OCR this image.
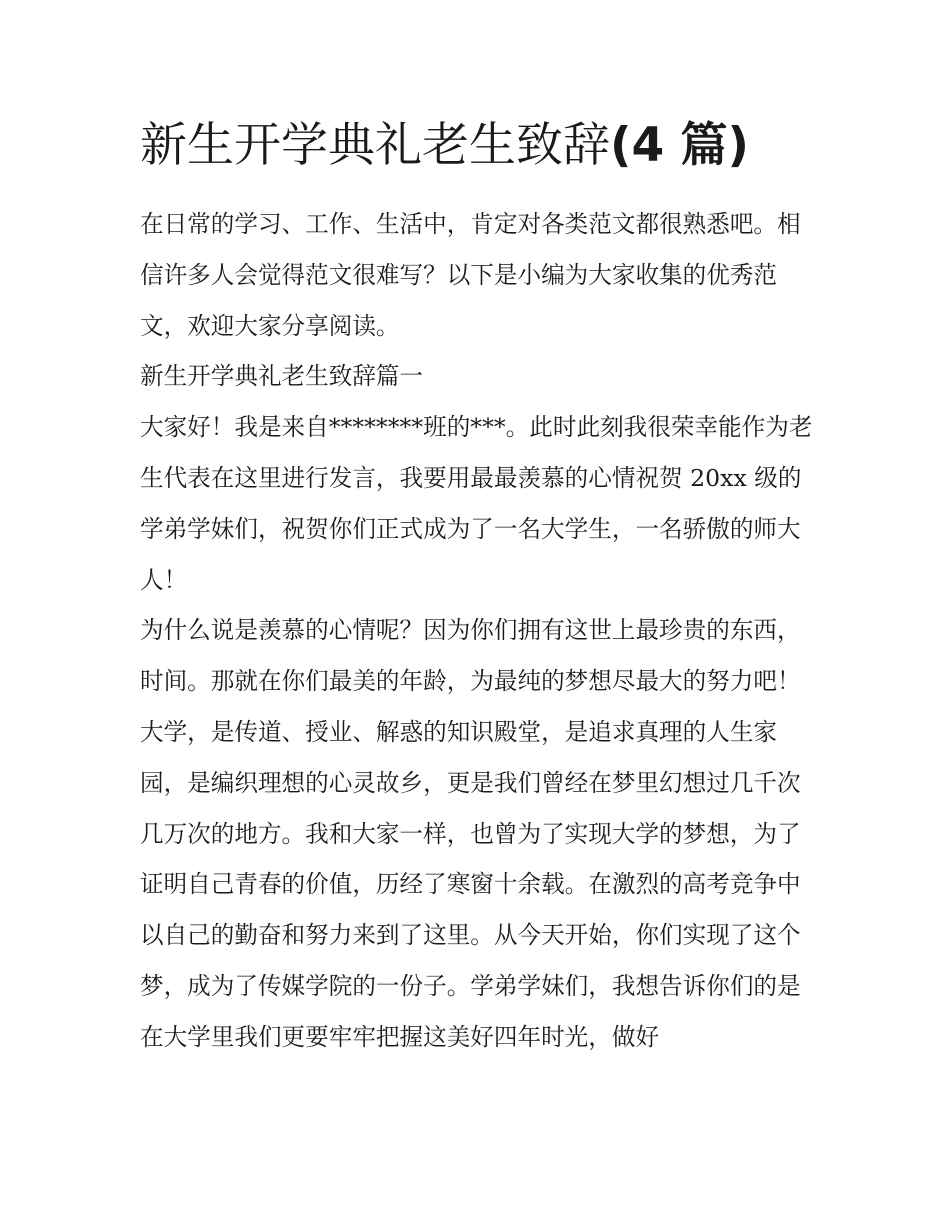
新生开学典礼老生致辞(4 篇)

在日常的学习、工作、生活中，肯定对各类范文都很熟悉吧。相信许多人会觉得范文很难写？以下是小编为大家收集的优秀范文，欢迎大家分享阅读。

新生开学典礼老生致辞篇一

大家好！我是来自********班的***。此时此刻我很荣幸能作为老生代表在这里进行发言，我要用最最羡慕的心情祝贺 20xx 级的学弟学妹们，祝贺你们正式成为了一名大学生，一名骄傲的师大人！

为什么说是羡慕的心情呢？因为你们拥有这世上最珍贵的东西，时间。那就在你们最美的年龄，为最纯的梦想尽最大的努力吧！

大学，是传道、授业、解惑的知识殿堂，是追求真理的人生家园，是编织理想的心灵故乡，更是我们曾经在梦里幻想过几千次几万次的地方。我和大家一样，也曾为了实现大学的梦想，为了证明自己青春的价值，历经了寒窗十余载。在激烈的高考竞争中以自己的勤奋和努力来到了这里。从今天开始，你们实现了这个梦，成为了传媒学院的一份子。学弟学妹们，我想告诉你们的是在大学里我们更要牢牢把握这美好四年时光，做好
